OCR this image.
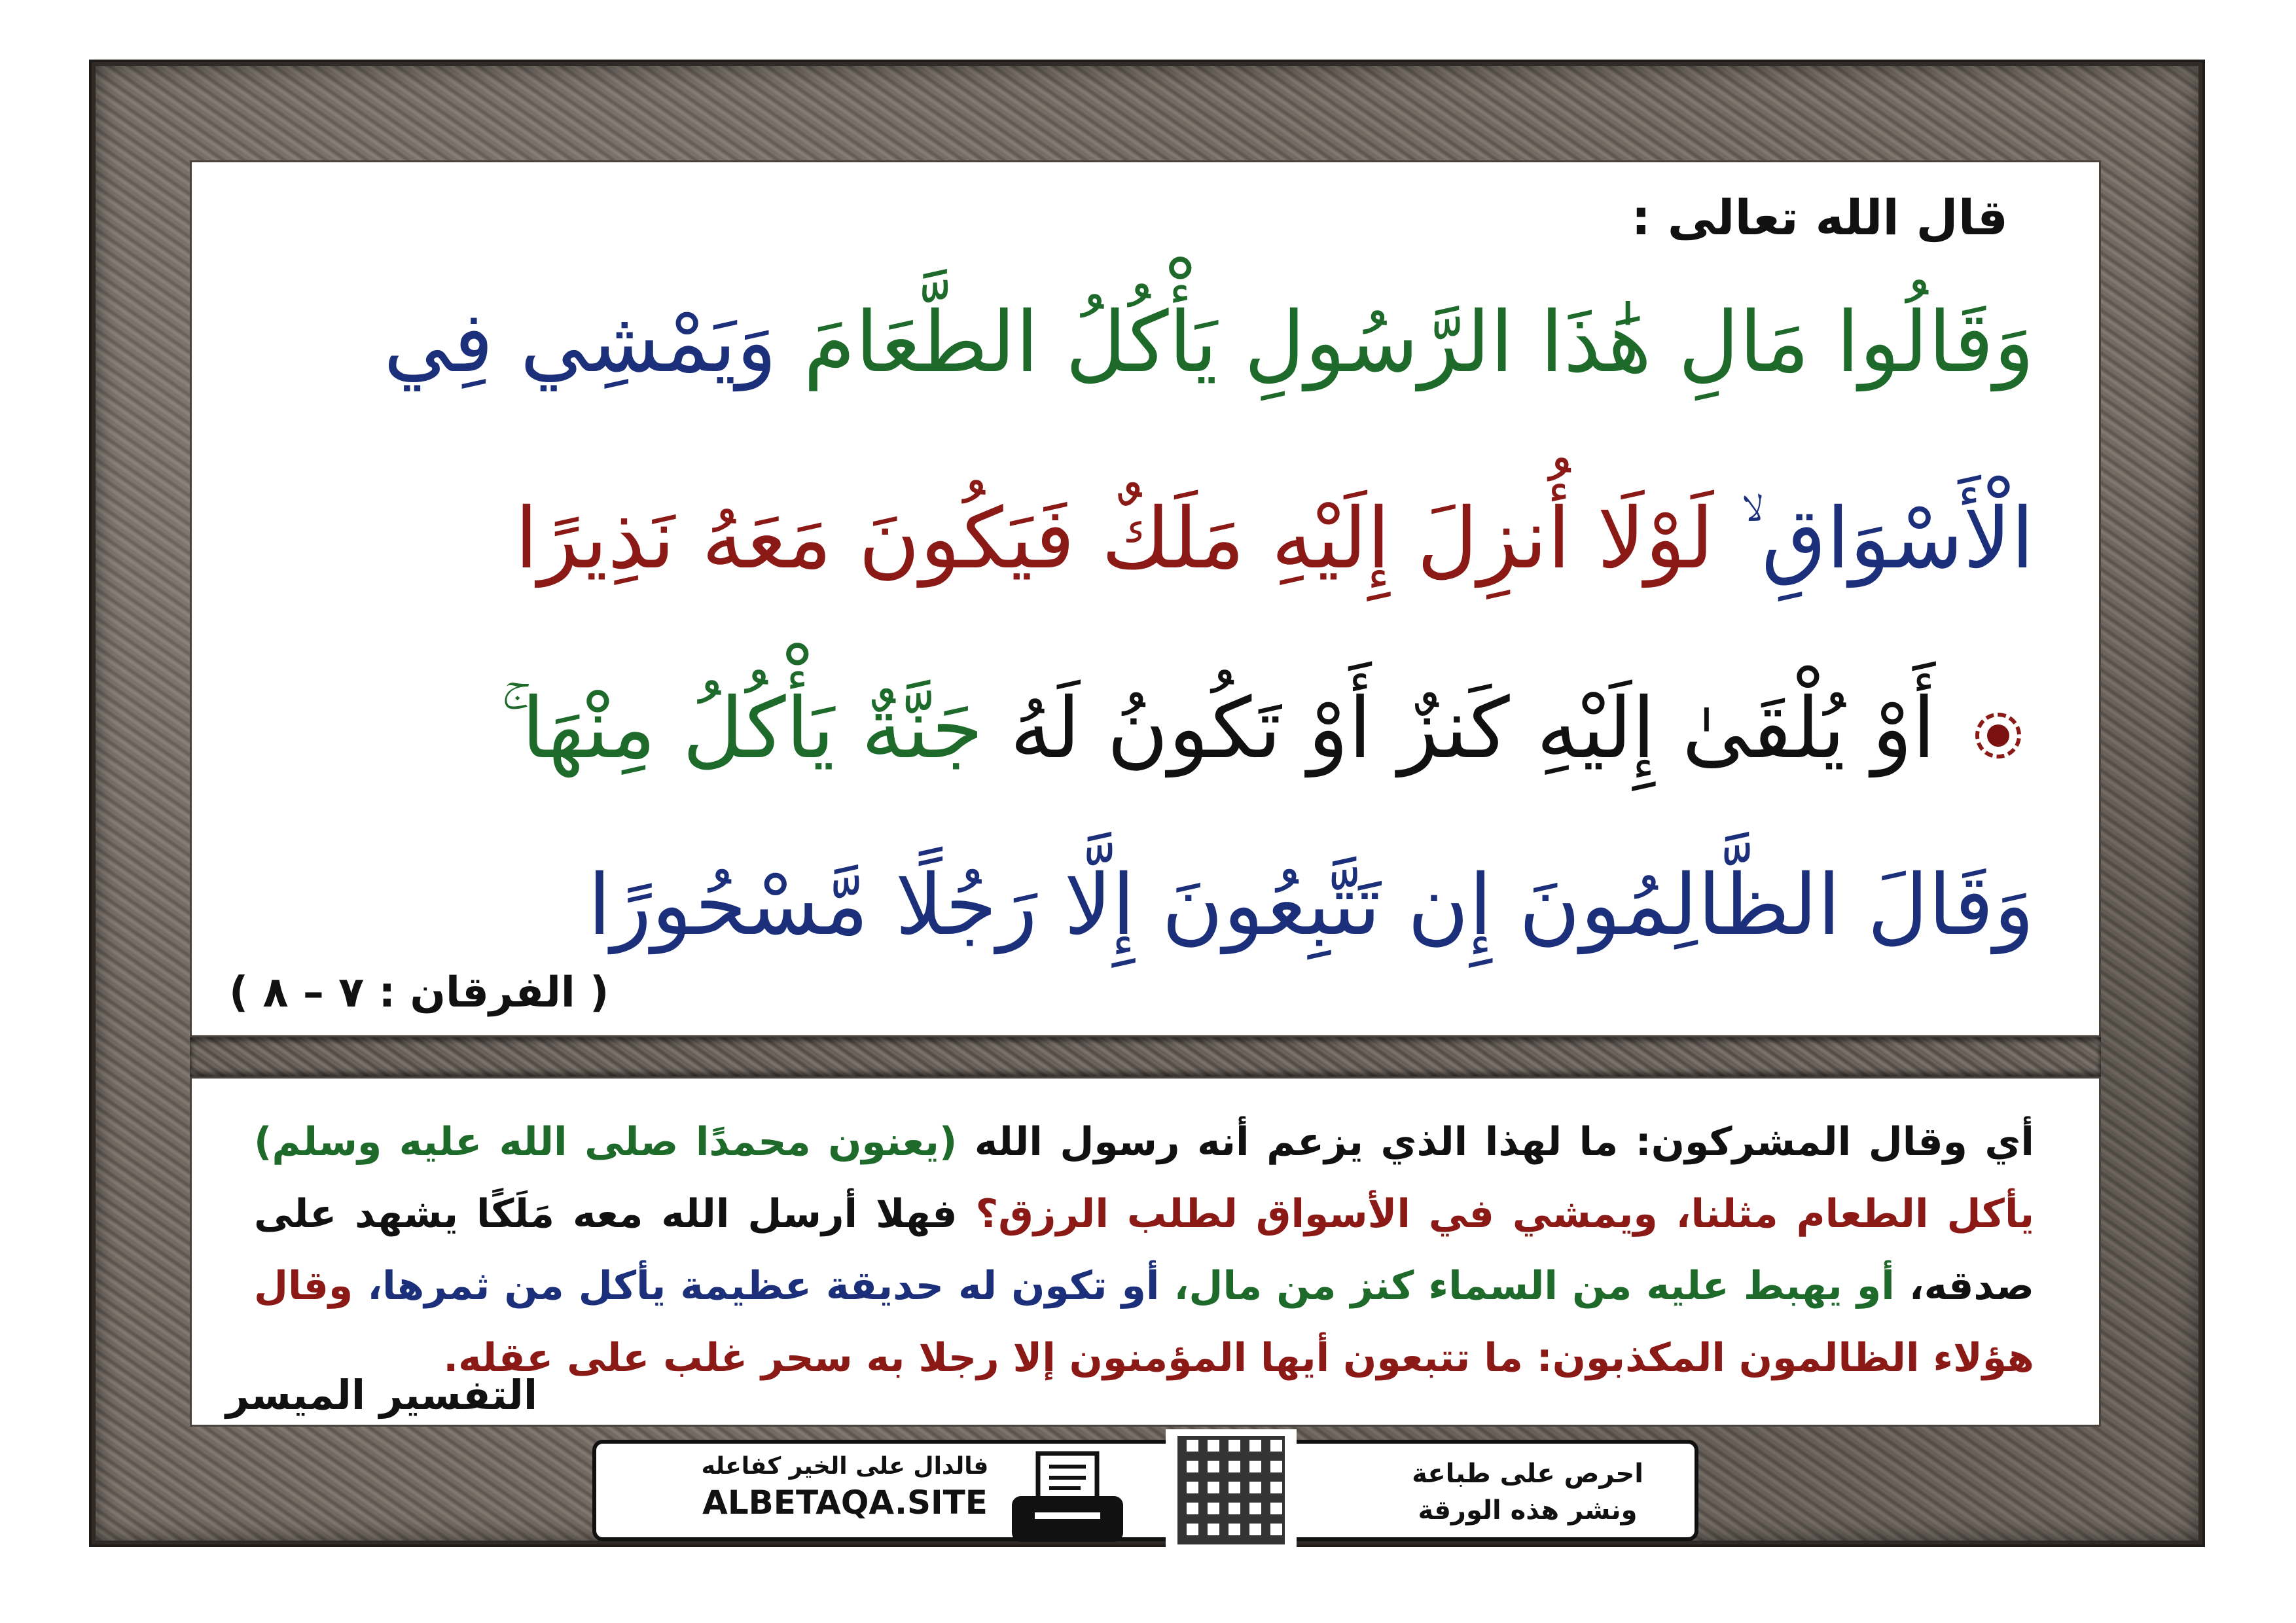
قال الله تعالى :
وَقَالُوا مَالِ هَٰذَا الرَّسُولِ يَأْكُلُ الطَّعَامَ وَيَمْشِي فِي
الْأَسْوَاقِ ۙ لَوْلَا أُنزِلَ إِلَيْهِ مَلَكٌ فَيَكُونَ مَعَهُ نَذِيرًا
أَوْ يُلْقَىٰ إِلَيْهِ كَنزٌ أَوْ تَكُونُ لَهُ جَنَّةٌ يَأْكُلُ مِنْهَا ۚ
وَقَالَ الظَّالِمُونَ إِن تَتَّبِعُونَ إِلَّا رَجُلًا مَّسْحُورًا
( الفرقان : ٧ – ٨ )
أي وقال المشركون: ما لهذا الذي يزعم أنه رسول الله (يعنون محمدًا صلى الله عليه وسلم) يأكل الطعام مثلنا، ويمشي في الأسواق لطلب الرزق؟ فهلا أرسل الله معه مَلَكًا يشهد على صدقه، أو يهبط عليه من السماء كنز من مال، أو تكون له حديقة عظيمة يأكل من ثمرها، وقال هؤلاء الظالمون المكذبون: ما تتبعون أيها المؤمنون إلا رجلا به سحر غلب على عقله.
التفسير الميسر
احرص على طباعة
ونشر هذه الورقة
فالدال على الخير كفاعله
ALBETAQA.SITE
